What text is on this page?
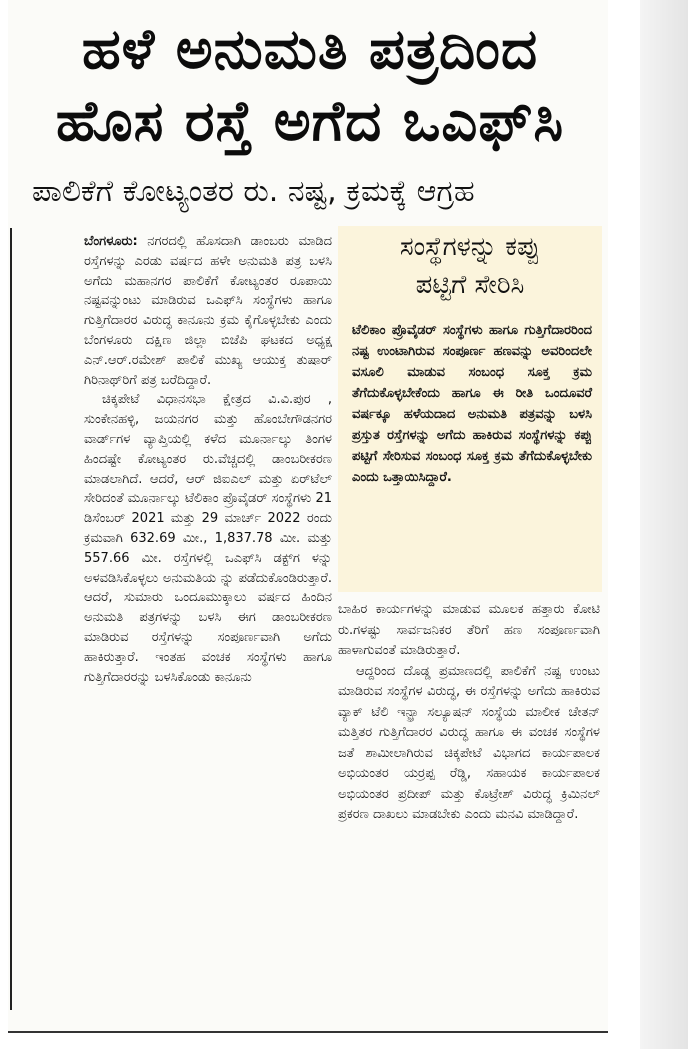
ಹಳೆ ಅನುಮತಿ ಪತ್ರದಿಂದ
ಹೊಸ ರಸ್ತೆ ಅಗೆದ ಒಎಫ್‌ಸಿ
ಪಾಲಿಕೆಗೆ ಕೋಟ್ಯಂತರ ರು. ನಷ್ಟ, ಕ್ರಮಕ್ಕೆ ಆಗ್ರಹ

ಬೆಂಗಳೂರು: ನಗರದಲ್ಲಿ ಹೊಸದಾಗಿ ಡಾಂಬರು ಮಾಡಿದ ರಸ್ತೆಗಳನ್ನು ಎರಡು ವರ್ಷದ ಹಳೇ ಅನುಮತಿ ಪತ್ರ ಬಳಸಿ ಅಗೆದು ಮಹಾನಗರ ಪಾಲಿಕೆಗೆ ಕೋಟ್ಯಂತರ ರೂಪಾಯಿ ನಷ್ಟವನ್ನುಂಟು ಮಾಡಿರುವ ಒಎಫ್‌ಸಿ ಸಂಸ್ಥೆಗಳು ಹಾಗೂ ಗುತ್ತಿಗೆದಾರರ ವಿರುದ್ಧ ಕಾನೂನು ಕ್ರಮ ಕೈಗೊಳ್ಳಬೇಕು ಎಂದು ಬೆಂಗಳೂರು ದಕ್ಷಿಣ ಜಿಲ್ಲಾ ಬಿಜೆಪಿ ಘಟಕದ ಅಧ್ಯಕ್ಷ ಎನ್.ಆರ್.ರಮೇಶ್ ಪಾಲಿಕೆ ಮುಖ್ಯ ಆಯುಕ್ತ ತುಷಾರ್ ಗಿರಿನಾಥ್‌ರಿಗೆ ಪತ್ರ ಬರೆದಿದ್ದಾರೆ.

ಚಿಕ್ಕಪೇಟೆ ವಿಧಾನಸಭಾ ಕ್ಷೇತ್ರದ ವಿ.ವಿ.ಪುರ , ಸುಂಕೇನಹಳ್ಳಿ, ಜಯನಗರ ಮತ್ತು ಹೊಂಬೇಗೌಡನಗರ ವಾರ್ಡ್‌ಗಳ ವ್ಯಾಪ್ತಿಯಲ್ಲಿ ಕಳೆದ ಮೂರ್ನಾಲ್ಕು ತಿಂಗಳ ಹಿಂದಷ್ಟೇ ಕೋಟ್ಯಂತರ ರು.ವೆಚ್ಚದಲ್ಲಿ ಡಾಂಬರೀಕರಣ ಮಾಡಲಾಗಿದೆ. ಆದರೆ, ಆರ್ ಜಿಐಎಲ್ ಮತ್ತು ಏರ್‌ಟೆಲ್ ಸೇರಿದಂತೆ ಮೂರ್ನಾಲ್ಕು ಟೆಲಿಕಾಂ ಪ್ರೊವೈಡರ್ ಸಂಸ್ಥೆಗಳು 21 ಡಿಸೆಂಬರ್ 2021 ಮತ್ತು 29 ಮಾರ್ಚ್ 2022 ರಂದು ಕ್ರಮವಾಗಿ 632.69 ಮೀ., 1,837.78 ಮೀ. ಮತ್ತು 557.66 ಮೀ. ರಸ್ತೆಗಳಲ್ಲಿ ಒಎಫ್‌ಸಿ ಡಕ್ಟ್‌ಗ ಳನ್ನು ಅಳವಡಿಸಿಕೊಳ್ಳಲು ಅನುಮತಿಯ ನ್ನು ಪಡೆದುಕೊಂಡಿರುತ್ತಾರೆ. ಆದರೆ, ಸುಮಾರು ಒಂದೂಮುಕ್ಕಾಲು ವರ್ಷದ ಹಿಂದಿನ ಅನುಮತಿ ಪತ್ರಗಳನ್ನು ಬಳಸಿ ಈಗ ಡಾಂಬರೀಕರಣ ಮಾಡಿರುವ ರಸ್ತೆಗಳನ್ನು ಸಂಪೂರ್ಣವಾಗಿ ಅಗೆದು ಹಾಕಿರುತ್ತಾರೆ. ಇಂತಹ ವಂಚಕ ಸಂಸ್ಥೆಗಳು ಹಾಗೂ ಗುತ್ತಿಗೆದಾರರನ್ನು ಬಳಸಿಕೊಂಡು ಕಾನೂನು

ಸಂಸ್ಥೆಗಳನ್ನು ಕಪ್ಪು
ಪಟ್ಟಿಗೆ ಸೇರಿಸಿ

ಟೆಲಿಕಾಂ ಪ್ರೊವೈಡರ್ ಸಂಸ್ಥೆಗಳು ಹಾಗೂ ಗುತ್ತಿಗೆದಾರರಿಂದ ನಷ್ಟ ಉಂಟಾಗಿರುವ ಸಂಪೂರ್ಣ ಹಣವನ್ನು ಅವರಿಂದಲೇ ವಸೂಲಿ ಮಾಡುವ ಸಂಬಂಧ ಸೂಕ್ತ ಕ್ರಮ ತೆಗೆದುಕೊಳ್ಳಬೇಕೆಂದು ಹಾಗೂ ಈ ರೀತಿ ಒಂದೂವರೆ ವರ್ಷಕ್ಕೂ ಹಳೆಯದಾದ ಅನುಮತಿ ಪತ್ರವನ್ನು ಬಳಸಿ ಪ್ರಸ್ತುತ ರಸ್ತೆಗಳನ್ನು ಅಗೆದು ಹಾಕಿರುವ ಸಂಸ್ಥೆಗಳನ್ನು ಕಪ್ಪು ಪಟ್ಟಿಗೆ ಸೇರಿಸುವ ಸಂಬಂಧ ಸೂಕ್ತ ಕ್ರಮ ತೆಗೆದುಕೊಳ್ಳಬೇಕು ಎಂದು ಒತ್ತಾಯಿಸಿದ್ದಾರೆ.

ಬಾಹಿರ ಕಾರ್ಯಗಳನ್ನು ಮಾಡುವ ಮೂಲಕ ಹತ್ತಾರು ಕೋಟಿ ರು.ಗಳಷ್ಟು ಸಾರ್ವಜನಿಕರ ತೆರಿಗೆ ಹಣ ಸಂಪೂರ್ಣವಾಗಿ ಹಾಳಾಗುವಂತೆ ಮಾಡಿರುತ್ತಾರೆ.

ಆದ್ದರಿಂದ ದೊಡ್ಡ ಪ್ರಮಾಣದಲ್ಲಿ ಪಾಲಿಕೆಗೆ ನಷ್ಟ ಉಂಟು ಮಾಡಿರುವ ಸಂಸ್ಥೆಗಳ ವಿರುದ್ಧ, ಈ ರಸ್ತೆಗಳನ್ನು ಅಗೆದು ಹಾಕಿರುವ ವ್ಯಾಕ್ ಟೆಲಿ ಇನ್ಫ್ರಾ ಸಲ್ಯೂಷನ್ ಸಂಸ್ಥೆಯ ಮಾಲೀಕ ಚೇತನ್ ಮತ್ತಿತರ ಗುತ್ತಿಗೆದಾರರ ವಿರುದ್ಧ ಹಾಗೂ ಈ ವಂಚಕ ಸಂಸ್ಥೆಗಳ ಜತೆ ಶಾಮೀಲಾಗಿರುವ ಚಿಕ್ಕಪೇಟೆ ವಿಭಾಗದ ಕಾರ್ಯಪಾಲಕ ಅಭಿಯಂತರ ಯರ್ರಪ್ಪ ರೆಡ್ಡಿ, ಸಹಾಯಕ ಕಾರ್ಯಪಾಲಕ ಅಭಿಯಂತರ ಪ್ರದೀಪ್ ಮತ್ತು ಕೊಟ್ರೇಶ್ ವಿರುದ್ಧ ಕ್ರಿಮಿನಲ್ ಪ್ರಕರಣ ದಾಖಲು ಮಾಡಬೇಕು ಎಂದು ಮನವಿ ಮಾಡಿದ್ದಾರೆ.
